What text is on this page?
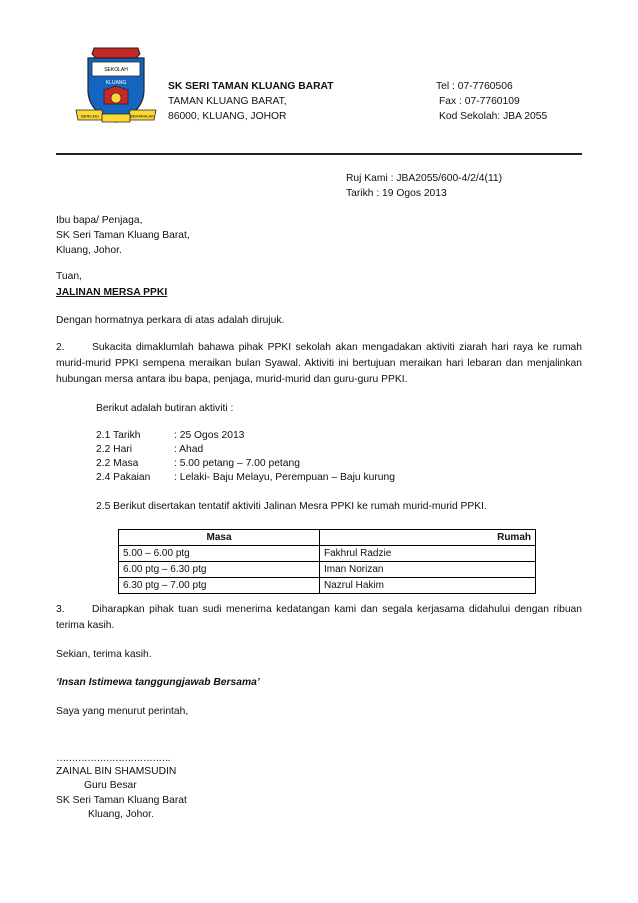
SEKOLAH
KLUANG
BERILMU	BERAKHLAK
SK SERI TAMAN KLUANG BARAT
TAMAN KLUANG BARAT,
86000, KLUANG, JOHOR
Tel : 07-7760506
Fax : 07-7760109
Kod Sekolah: JBA 2055
Ruj Kami : JBA2055/600-4/2/4(11)
Tarikh : 19 Ogos 2013
Ibu bapa/ Penjaga,
SK Seri Taman Kluang Barat,
Kluang, Johor.
Tuan,
JALINAN MERSA PPKI
Dengan hormatnya perkara di atas adalah dirujuk.
2.	Sukacita dimaklumlah bahawa pihak PPKI sekolah akan mengadakan aktiviti ziarah hari raya ke rumah murid-murid PPKI sempena meraikan bulan Syawal. Aktiviti ini bertujuan meraikan hari lebaran dan menjalinkan hubungan mersa antara ibu bapa, penjaga, murid-murid dan guru-guru PPKI.
Berikut adalah butiran aktiviti :
2.1 Tarikh	: 25 Ogos 2013
2.2 Hari	: Ahad
2.2 Masa	: 5.00 petang – 7.00 petang
2.4 Pakaian : Lelaki- Baju Melayu, Perempuan – Baju kurung
2.5 Berikut disertakan tentatif aktiviti Jalinan Mesra PPKI ke rumah murid-murid PPKI.
Masa	Rumah
5.00 – 6.00 ptg	Fakhrul Radzie
6.00 ptg – 6.30 ptg	Iman Norizan
6.30 ptg – 7.00 ptg	Nazrul Hakim
3.	Diharapkan pihak tuan sudi menerima kedatangan kami dan segala kerjasama didahului dengan ribuan terima kasih.
Sekian, terima kasih.
‘Insan Istimewa tanggungjawab Bersama’
Saya yang menurut perintah,
……………………………….
ZAINAL BIN SHAMSUDIN
Guru Besar
SK Seri Taman Kluang Barat
Kluang, Johor.
